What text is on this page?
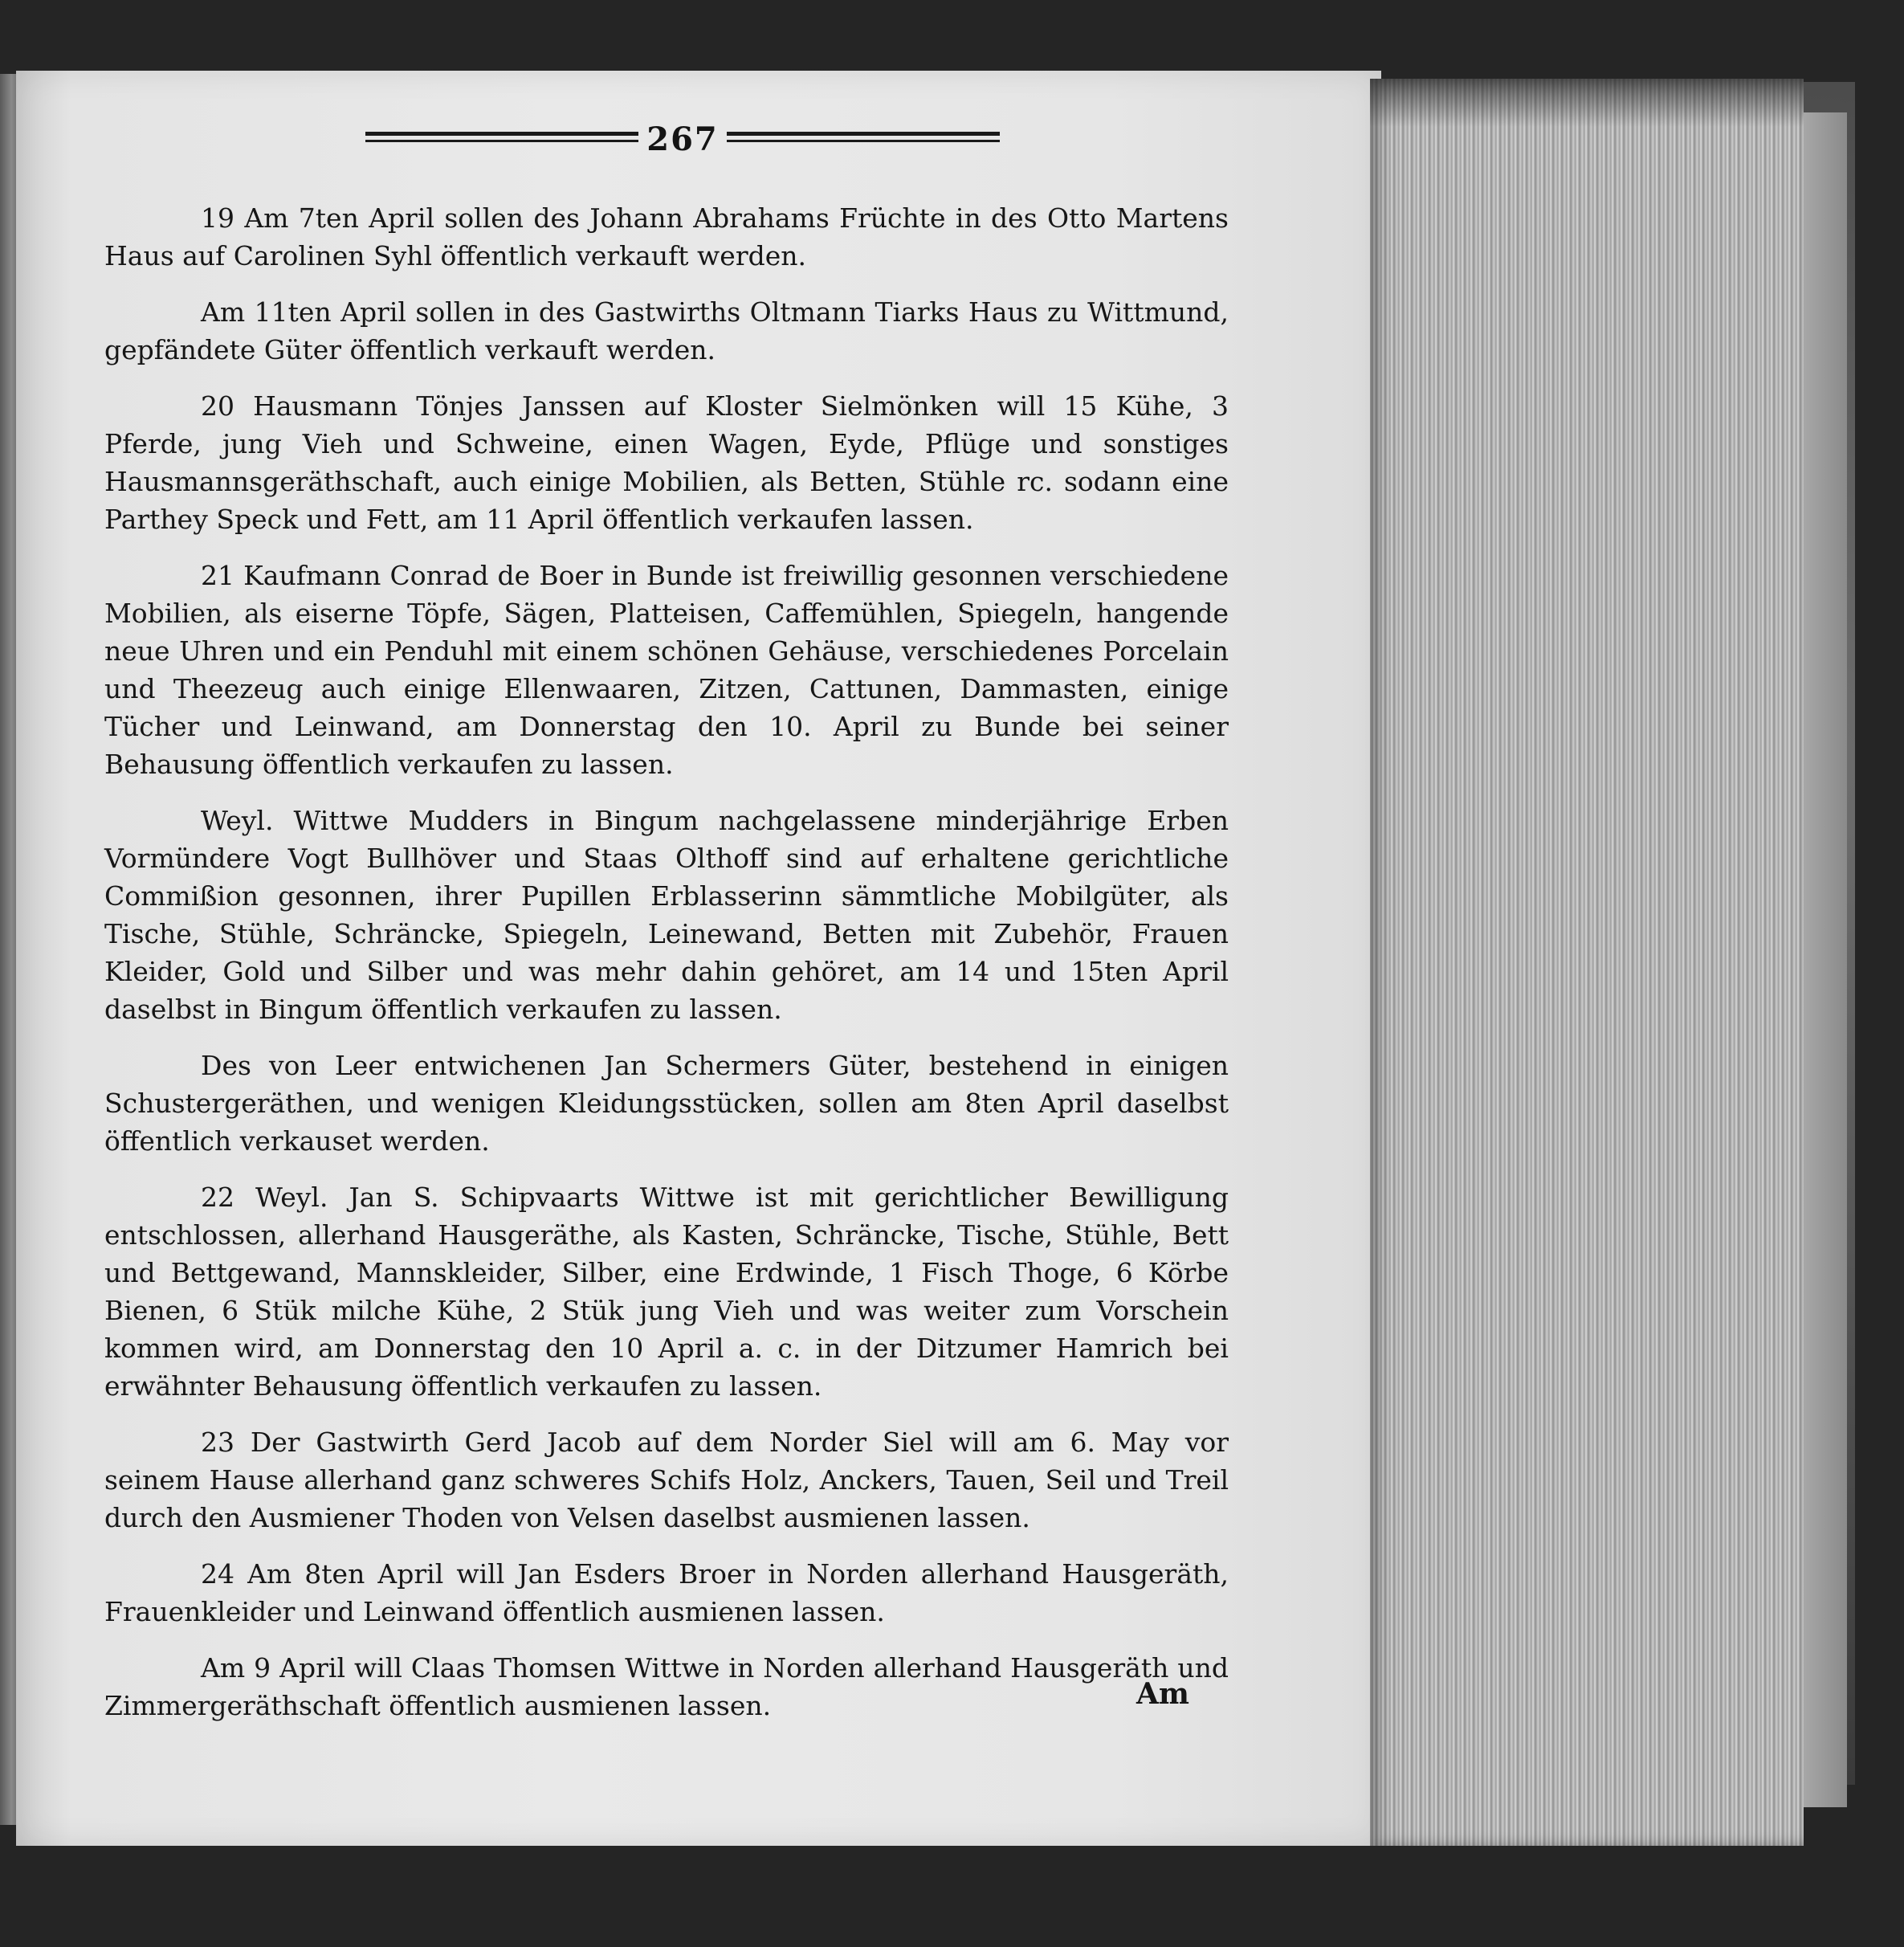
267

19 Am 7ten April sollen des Johann Abrahams Früchte in des Otto Martens Haus auf Carolinen Syhl öffentlich verkauft werden.

Am 11ten April sollen in des Gastwirths Oltmann Tiarks Haus zu Wittmund, gepfändete Güter öffentlich verkauft werden.

20 Hausmann Tönjes Janssen auf Kloster Sielmönken will 15 Kühe, 3 Pferde, jung Vieh und Schweine, einen Wagen, Eyde, Pflüge und sonstiges Hausmannsgeräthschaft, auch einige Mobilien, als Betten, Stühle rc. sodann eine Parthey Speck und Fett, am 11 April öffentlich verkaufen lassen.

21 Kaufmann Conrad de Boer in Bunde ist freiwillig gesonnen verschiedene Mobilien, als eiserne Töpfe, Sägen, Platteisen, Caffemühlen, Spiegeln, hangende neue Uhren und ein Penduhl mit einem schönen Gehäuse, verschiedenes Porcelain und Theezeug auch einige Ellenwaaren, Zitzen, Cattunen, Dammasten, einige Tücher und Leinwand, am Donnerstag den 10. April zu Bunde bei seiner Behausung öffentlich verkaufen zu lassen.

Weyl. Wittwe Mudders in Bingum nachgelassene minderjährige Erben Vormündere Vogt Bullhöver und Staas Olthoff sind auf erhaltene gerichtliche Commißion gesonnen, ihrer Pupillen Erblasserinn sämmtliche Mobilgüter, als Tische, Stühle, Schräncke, Spiegeln, Leinewand, Betten mit Zubehör, Frauen Kleider, Gold und Silber und was mehr dahin gehöret, am 14 und 15ten April daselbst in Bingum öffentlich verkaufen zu lassen.

Des von Leer entwichenen Jan Schermers Güter, bestehend in einigen Schustergeräthen, und wenigen Kleidungsstücken, sollen am 8ten April daselbst öffentlich verkauset werden.

22 Weyl. Jan S. Schipvaarts Wittwe ist mit gerichtlicher Bewilligung entschlossen, allerhand Hausgeräthe, als Kasten, Schräncke, Tische, Stühle, Bett und Bettgewand, Mannskleider, Silber, eine Erdwinde, 1 Fisch Thoge, 6 Körbe Bienen, 6 Stük milche Kühe, 2 Stük jung Vieh und was weiter zum Vorschein kommen wird, am Donnerstag den 10 April a. c. in der Ditzumer Hamrich bei erwähnter Behausung öffentlich verkaufen zu lassen.

23 Der Gastwirth Gerd Jacob auf dem Norder Siel will am 6. May vor seinem Hause allerhand ganz schweres Schifs Holz, Anckers, Tauen, Seil und Treil durch den Ausmiener Thoden von Velsen daselbst ausmienen lassen.

24 Am 8ten April will Jan Esders Broer in Norden allerhand Hausgeräth, Frauenkleider und Leinwand öffentlich ausmienen lassen.

Am 9 April will Claas Thomsen Wittwe in Norden allerhand Hausgeräth und Zimmergeräthschaft öffentlich ausmienen lassen.	Am
